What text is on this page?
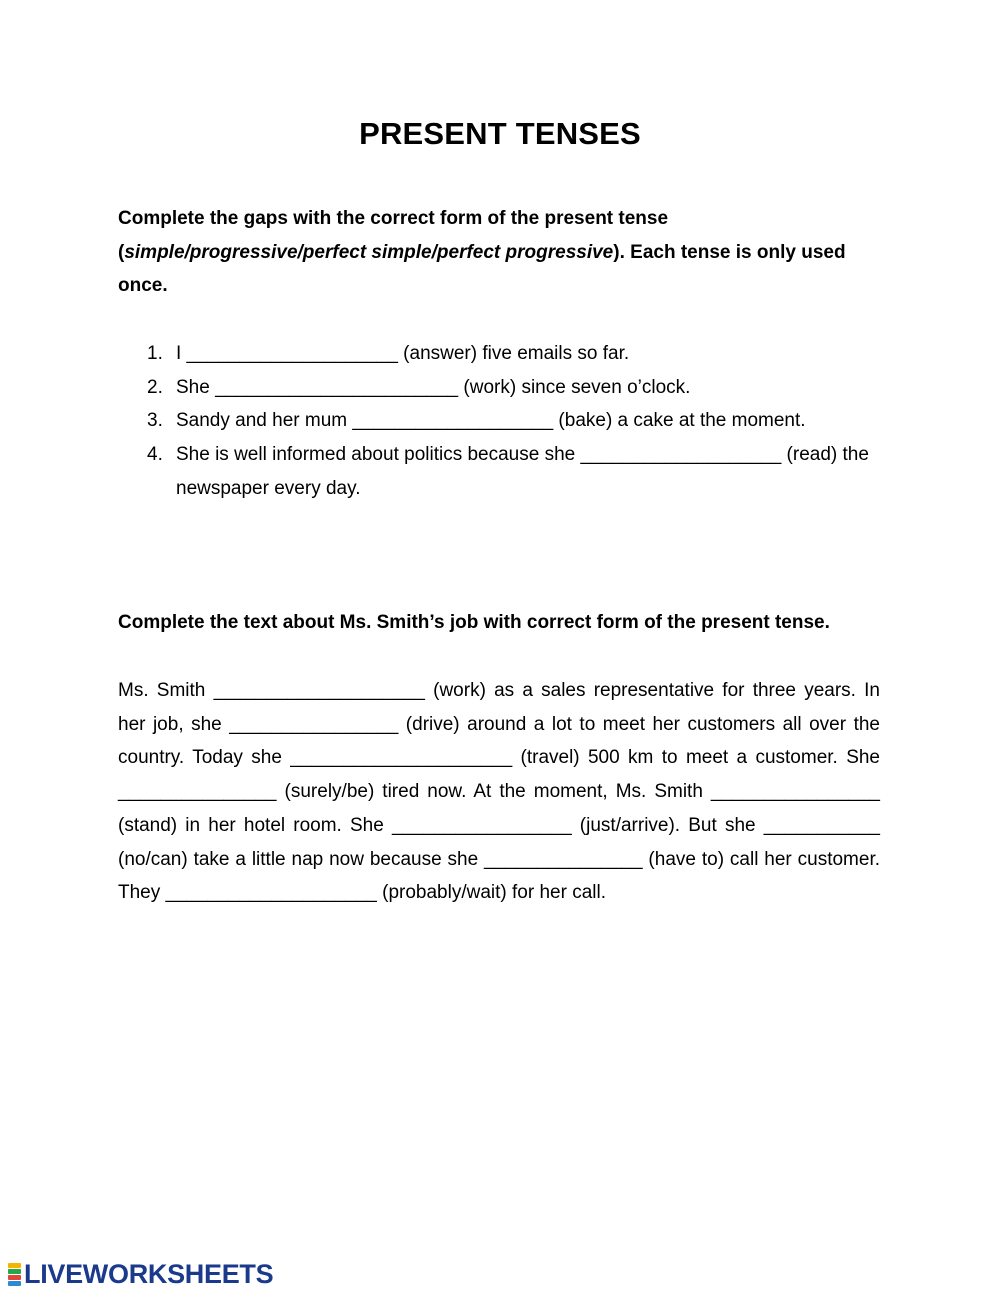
PRESENT TENSES
Complete the gaps with the correct form of the present tense (simple/progressive/perfect simple/perfect progressive). Each tense is only used once.
1. I ____________________ (answer) five emails so far.
2. She _______________________ (work) since seven o’clock.
3. Sandy and her mum ___________________ (bake) a cake at the moment.
4. She is well informed about politics because she ___________________ (read) the newspaper every day.
Complete the text about Ms. Smith’s job with correct form of the present tense.

Ms. Smith ____________________ (work) as a sales representative for three years. In her job, she ________________ (drive) around a lot to meet her customers all over the country. Today she _____________________ (travel) 500 km to meet a customer. She _______________ (surely/be) tired now. At the moment, Ms. Smith ________________ (stand) in her hotel room. She _________________ (just/arrive). But she ___________ (no/can) take a little nap now because she _______________ (have to) call her customer. They ____________________ (probably/wait) for her call.

LIVEWORKSHEETS
